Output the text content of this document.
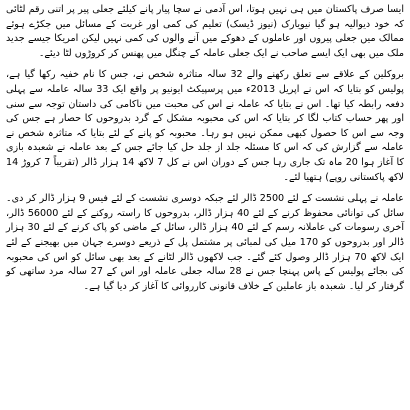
ایسا صرف پاکستان میں ہی نہیں ہوتا، اس آدمی نے سچا پیار پانے کیلئے جعلی پیر پر اتنی رقم لٹائی کہ خود دیوالیہ ہو گیا نیویارک (نیوز ڈیسک) تعلیم کی کمی اور غربت کے مسائل میں جکڑے ہوئے ممالک میں جعلی پیروں اور عاملوں کے دھوکے میں آنے والوں کی کمی نہیں لیکن امریکا جیسے جدید ملک میں بھی ایک ایسے صاحب نے ایک جعلی عاملہ کے چنگل میں پھنس کر کروڑوں لٹا دیئے۔

بروکلین کے علاقے سے تعلق رکھنے والے 32 سالہ متاثرہ شخص نے، جس کا نام خفیہ رکھا گیا ہے، پولیس کو بتایا کہ اس نے اپریل 2013ء میں پرسپیکٹ ایونیو پر واقع ایک 33 سالہ عاملہ سے پہلی دفعہ رابطہ کیا تھا۔ اس نے بتایا کہ عاملہ نے اس کی محبت میں ناکامی کی داستان توجہ سے سنی اور پھر حساب کتاب لگا کر بتایا کہ اس کی محبوبہ مشکل کے گرد بدروحوں کا حصار ہے جس کی وجہ سے اس کا حصول کبھی ممکن نہیں ہو رہا۔ محبوبہ کو پانے کے لئے بتایا کہ متاثرہ شخص نے عاملہ سے گزارش کی کہ اس کا مسئلہ جلد از جلد حل کیا جائے جس کے بعد عاملہ نے شعبدہ بازی کا آغاز ہوا 20 ماہ تک جاری رہا جس کے دوران اس نے کل 7 لاکھ 14 ہزار ڈالر (تقریباً 7 کروڑ 14 لاکھ پاکستانی روپے) ہتھیا لئے۔

عاملہ نے پہلی نشست کے لئے 2500 ڈالر لئے جبکہ دوسری نشست کے لئے فیس 9 ہزار ڈالر کر دی۔ سائل کی توانائی محفوظ کرنے کے لئے 40 ہزار ڈالر، بدروحوں کا راستہ روکنے کے لئے 56000 ڈالر، آخری رسومات کی عاملانہ رسم کے لئے 40 ہزار ڈالر، سائل کے ماضی کو پاک کرنے کے لئے 30 ہزار ڈالر اور بدروحوں کو 170 میل کی لمبائی پر مشتمل پل کے ذریعے دوسرے جہان میں بھیجنے کے لئے ایک لاکھ 70 ہزار ڈالر وصول کئے گئے۔ جب لاکھوں ڈالر لٹانے کے بعد بھی سائل کو اس کی محبوبہ کی بجائے پولیس کے پاس پہنچا جس نے 28 سالہ جعلی عاملہ اور اس کے 27 سالہ مرد ساتھی کو گرفتار کر لیا۔ شعبدہ باز عاملین کے خلاف قانونی کارروائی کا آغاز کر دیا گیا ہے۔
